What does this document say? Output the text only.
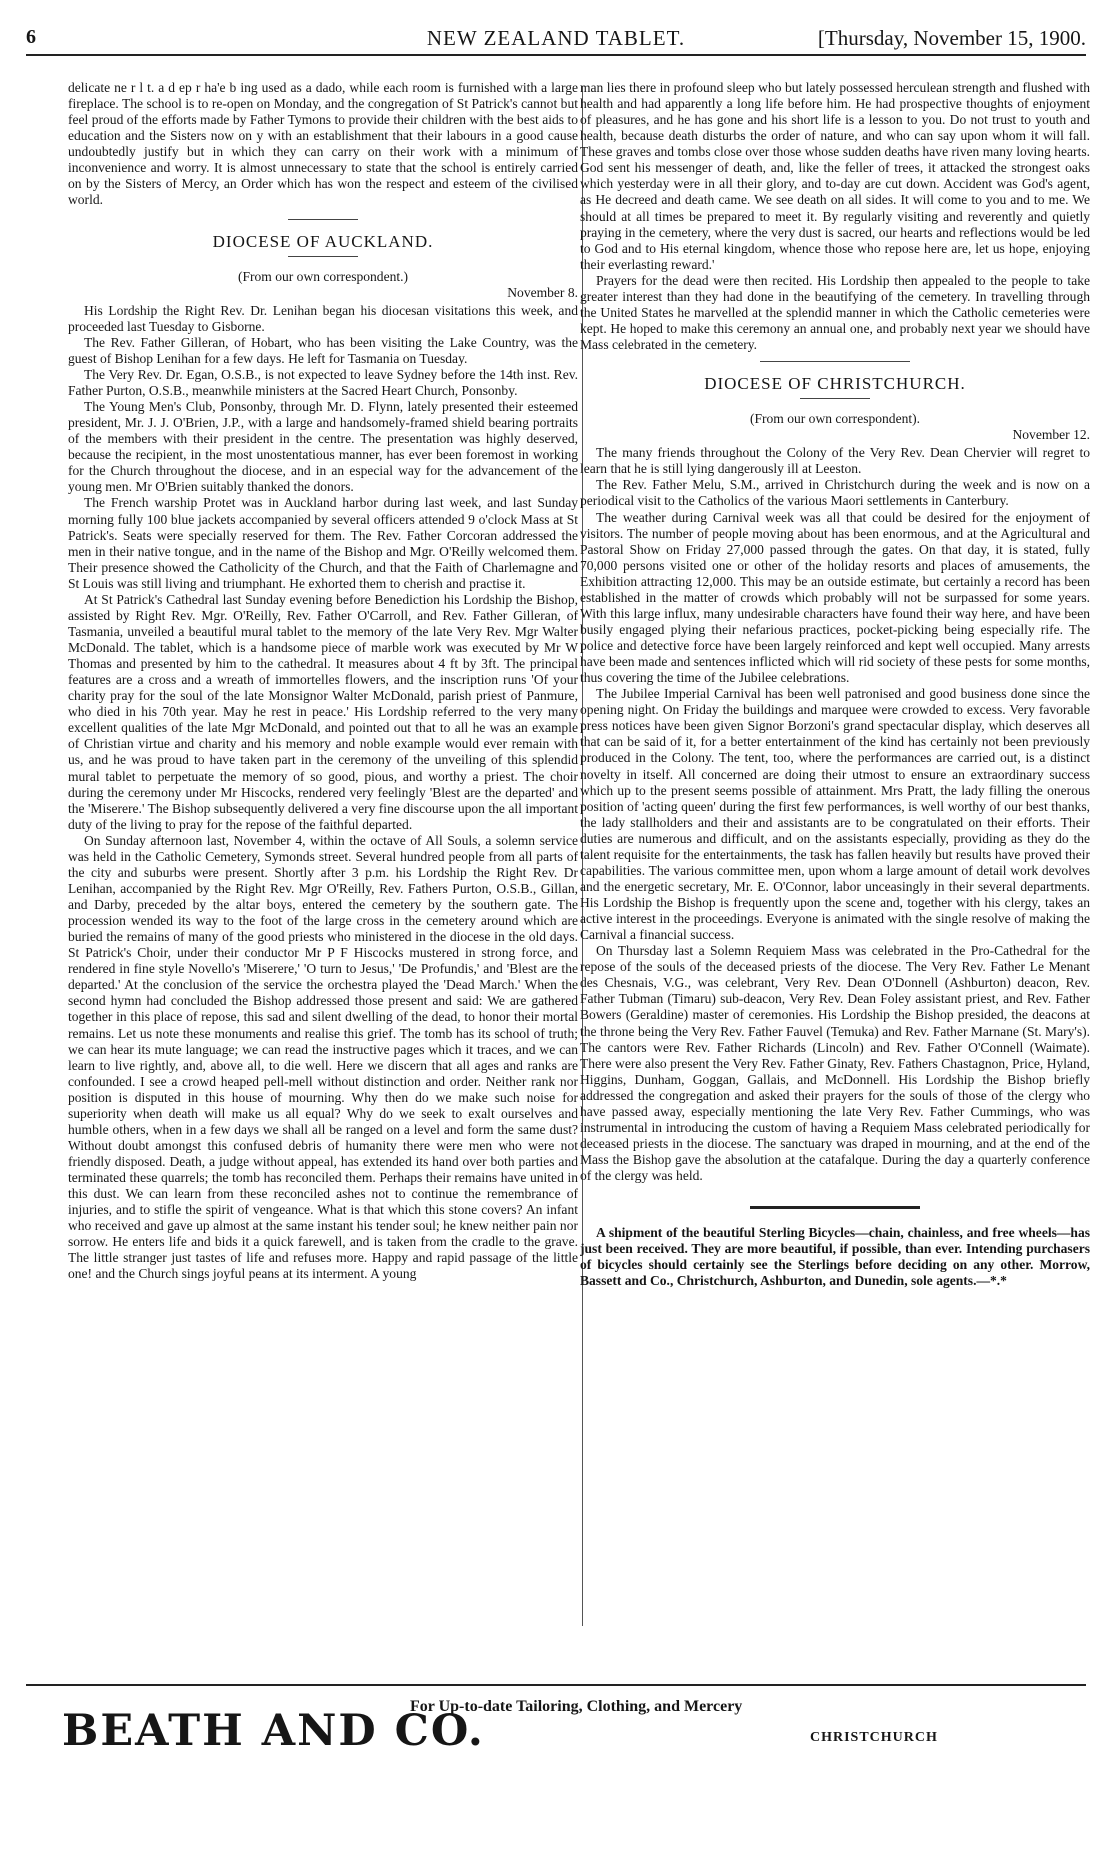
6	NEW ZEALAND TABLET.	[Thursday, November 15, 1900.

delicate ne r l t. a d ep r ha'e b ing used as a dado, while each room is furnished with a large fireplace. The school is to re-open on Monday, and the congregation of St Patrick's cannot but feel proud of the efforts made by Father Tymons to provide their children with the best aids to education and the Sisters now on y with an establishment that their labours in a good cause undoubtedly justify but in which they can carry on their work with a minimum of inconvenience and worry. It is almost unnecessary to state that the school is entirely carried on by the Sisters of Mercy, an Order which has won the respect and esteem of the civilised world.

DIOCESE OF AUCKLAND.

(From our own correspondent.)

November 8.

His Lordship the Right Rev. Dr. Lenihan began his diocesan visitations this week, and proceeded last Tuesday to Gisborne.

The Rev. Father Gilleran, of Hobart, who has been visiting the Lake Country, was the guest of Bishop Lenihan for a few days. He left for Tasmania on Tuesday.

The Very Rev. Dr. Egan, O.S.B., is not expected to leave Sydney before the 14th inst. Rev. Father Purton, O.S.B., meanwhile ministers at the Sacred Heart Church, Ponsonby.

The Young Men's Club, Ponsonby, through Mr. D. Flynn, lately presented their esteemed president, Mr. J. J. O'Brien, J.P., with a large and handsomely-framed shield bearing portraits of the members with their president in the centre. The presentation was highly deserved, because the recipient, in the most unostentatious manner, has ever been foremost in working for the Church throughout the diocese, and in an especial way for the advancement of the young men. Mr O'Brien suitably thanked the donors.

The French warship Protet was in Auckland harbor during last week, and last Sunday morning fully 100 blue jackets accompanied by several officers attended 9 o'clock Mass at St Patrick's. Seats were specially reserved for them. The Rev. Father Corcoran addressed the men in their native tongue, and in the name of the Bishop and Mgr. O'Reilly welcomed them. Their presence showed the Catholicity of the Church, and that the Faith of Charlemagne and St Louis was still living and triumphant. He exhorted them to cherish and practise it.

At St Patrick's Cathedral last Sunday evening before Benediction his Lordship the Bishop, assisted by Right Rev. Mgr. O'Reilly, Rev. Father O'Carroll, and Rev. Father Gilleran, of Tasmania, unveiled a beautiful mural tablet to the memory of the late Very Rev. Mgr Walter McDonald. The tablet, which is a handsome piece of marble work was executed by Mr W Thomas and presented by him to the cathedral. It measures about 4 ft by 3ft. The principal features are a cross and a wreath of immortelles flowers, and the inscription runs 'Of your charity pray for the soul of the late Monsignor Walter McDonald, parish priest of Panmure, who died in his 70th year. May he rest in peace.' His Lordship referred to the very many excellent qualities of the late Mgr McDonald, and pointed out that to all he was an example of Christian virtue and charity and his memory and noble example would ever remain with us, and he was proud to have taken part in the ceremony of the unveiling of this splendid mural tablet to perpetuate the memory of so good, pious, and worthy a priest. The choir during the ceremony under Mr Hiscocks, rendered very feelingly 'Blest are the departed' and the 'Miserere.' The Bishop subsequently delivered a very fine discourse upon the all important duty of the living to pray for the repose of the faithful departed.

On Sunday afternoon last, November 4, within the octave of All Souls, a solemn service was held in the Catholic Cemetery, Symonds street. Several hundred people from all parts of the city and suburbs were present. Shortly after 3 p.m. his Lordship the Right Rev. Dr Lenihan, accompanied by the Right Rev. Mgr O'Reilly, Rev. Fathers Purton, O.S.B., Gillan, and Darby, preceded by the altar boys, entered the cemetery by the southern gate. The procession wended its way to the foot of the large cross in the cemetery around which are buried the remains of many of the good priests who ministered in the diocese in the old days. St Patrick's Choir, under their conductor Mr P F Hiscocks mustered in strong force, and rendered in fine style Novello's 'Miserere,' 'O turn to Jesus,' 'De Profundis,' and 'Blest are the departed.' At the conclusion of the service the orchestra played the 'Dead March.' When the second hymn had concluded the Bishop addressed those present and said: We are gathered together in this place of repose, this sad and silent dwelling of the dead, to honor their mortal remains. Let us note these monuments and realise this grief. The tomb has its school of truth; we can hear its mute language; we can read the instructive pages which it traces, and we can learn to live rightly, and, above all, to die well. Here we discern that all ages and ranks are confounded. I see a crowd heaped pell-mell without distinction and order. Neither rank nor position is disputed in this house of mourning. Why then do we make such noise for superiority when death will make us all equal? Why do we seek to exalt ourselves and humble others, when in a few days we shall all be ranged on a level and form the same dust? Without doubt amongst this confused debris of humanity there were men who were not friendly disposed. Death, a judge without appeal, has extended its hand over both parties and terminated these quarrels; the tomb has reconciled them. Perhaps their remains have united in this dust. We can learn from these reconciled ashes not to continue the remembrance of injuries, and to stifle the spirit of vengeance. What is that which this stone covers? An infant who received and gave up almost at the same instant his tender soul; he knew neither pain nor sorrow. He enters life and bids it a quick farewell, and is taken from the cradle to the grave. The little stranger just tastes of life and refuses more. Happy and rapid passage of the little one! and the Church sings joyful peans at its interment. A young

man lies there in profound sleep who but lately possessed herculean strength and flushed with health and had apparently a long life before him. He had prospective thoughts of enjoyment of pleasures, and he has gone and his short life is a lesson to you. Do not trust to youth and health, because death disturbs the order of nature, and who can say upon whom it will fall. These graves and tombs close over those whose sudden deaths have riven many loving hearts. God sent his messenger of death, and, like the feller of trees, it attacked the strongest oaks which yesterday were in all their glory, and to-day are cut down. Accident was God's agent, as He decreed and death came. We see death on all sides. It will come to you and to me. We should at all times be prepared to meet it. By regularly visiting and reverently and quietly praying in the cemetery, where the very dust is sacred, our hearts and reflections would be led to God and to His eternal kingdom, whence those who repose here are, let us hope, enjoying their everlasting reward.'

Prayers for the dead were then recited. His Lordship then appealed to the people to take greater interest than they had done in the beautifying of the cemetery. In travelling through the United States he marvelled at the splendid manner in which the Catholic cemeteries were kept. He hoped to make this ceremony an annual one, and probably next year we should have Mass celebrated in the cemetery.

DIOCESE OF CHRISTCHURCH.

(From our own correspondent).

November 12.

The many friends throughout the Colony of the Very Rev. Dean Chervier will regret to learn that he is still lying dangerously ill at Leeston.

The Rev. Father Melu, S.M., arrived in Christchurch during the week and is now on a periodical visit to the Catholics of the various Maori settlements in Canterbury.

The weather during Carnival week was all that could be desired for the enjoyment of visitors. The number of people moving about has been enormous, and at the Agricultural and Pastoral Show on Friday 27,000 passed through the gates. On that day, it is stated, fully 70,000 persons visited one or other of the holiday resorts and places of amusements, the Exhibition attracting 12,000. This may be an outside estimate, but certainly a record has been established in the matter of crowds which probably will not be surpassed for some years. With this large influx, many undesirable characters have found their way here, and have been busily engaged plying their nefarious practices, pocket-picking being especially rife. The police and detective force have been largely reinforced and kept well occupied. Many arrests have been made and sentences inflicted which will rid society of these pests for some months, thus covering the time of the Jubilee celebrations.

The Jubilee Imperial Carnival has been well patronised and good business done since the opening night. On Friday the buildings and marquee were crowded to excess. Very favorable press notices have been given Signor Borzoni's grand spectacular display, which deserves all that can be said of it, for a better entertainment of the kind has certainly not been previously produced in the Colony. The tent, too, where the performances are carried out, is a distinct novelty in itself. All concerned are doing their utmost to ensure an extraordinary success which up to the present seems possible of attainment. Mrs Pratt, the lady filling the onerous position of 'acting queen' during the first few performances, is well worthy of our best thanks, the lady stallholders and their and assistants are to be congratulated on their efforts. Their duties are numerous and difficult, and on the assistants especially, providing as they do the talent requisite for the entertainments, the task has fallen heavily but results have proved their capabilities. The various committee men, upon whom a large amount of detail work devolves and the energetic secretary, Mr. E. O'Connor, labor unceasingly in their several departments. His Lordship the Bishop is frequently upon the scene and, together with his clergy, takes an active interest in the proceedings. Everyone is animated with the single resolve of making the Carnival a financial success.

On Thursday last a Solemn Requiem Mass was celebrated in the Pro-Cathedral for the repose of the souls of the deceased priests of the diocese. The Very Rev. Father Le Menant des Chesnais, V.G., was celebrant, Very Rev. Dean O'Donnell (Ashburton) deacon, Rev. Father Tubman (Timaru) sub-deacon, Very Rev. Dean Foley assistant priest, and Rev. Father Bowers (Geraldine) master of ceremonies. His Lordship the Bishop presided, the deacons at the throne being the Very Rev. Father Fauvel (Temuka) and Rev. Father Marnane (St. Mary's). The cantors were Rev. Father Richards (Lincoln) and Rev. Father O'Connell (Waimate). There were also present the Very Rev. Father Ginaty, Rev. Fathers Chastagnon, Price, Hyland, Higgins, Dunham, Goggan, Gallais, and McDonnell. His Lordship the Bishop briefly addressed the congregation and asked their prayers for the souls of those of the clergy who have passed away, especially mentioning the late Very Rev. Father Cummings, who was instrumental in introducing the custom of having a Requiem Mass celebrated periodically for deceased priests in the diocese. The sanctuary was draped in mourning, and at the end of the Mass the Bishop gave the absolution at the catafalque. During the day a quarterly conference of the clergy was held.

A shipment of the beautiful Sterling Bicycles—chain, chainless, and free wheels—has just been received. They are more beautiful, if possible, than ever. Intending purchasers of bicycles should certainly see the Sterlings before deciding on any other. Morrow, Bassett and Co., Christchurch, Ashburton, and Dunedin, sole agents.—*.*

BEATH AND CO.
For Up-to-date Tailoring, Clothing, and Mercery
CHRISTCHURCH
